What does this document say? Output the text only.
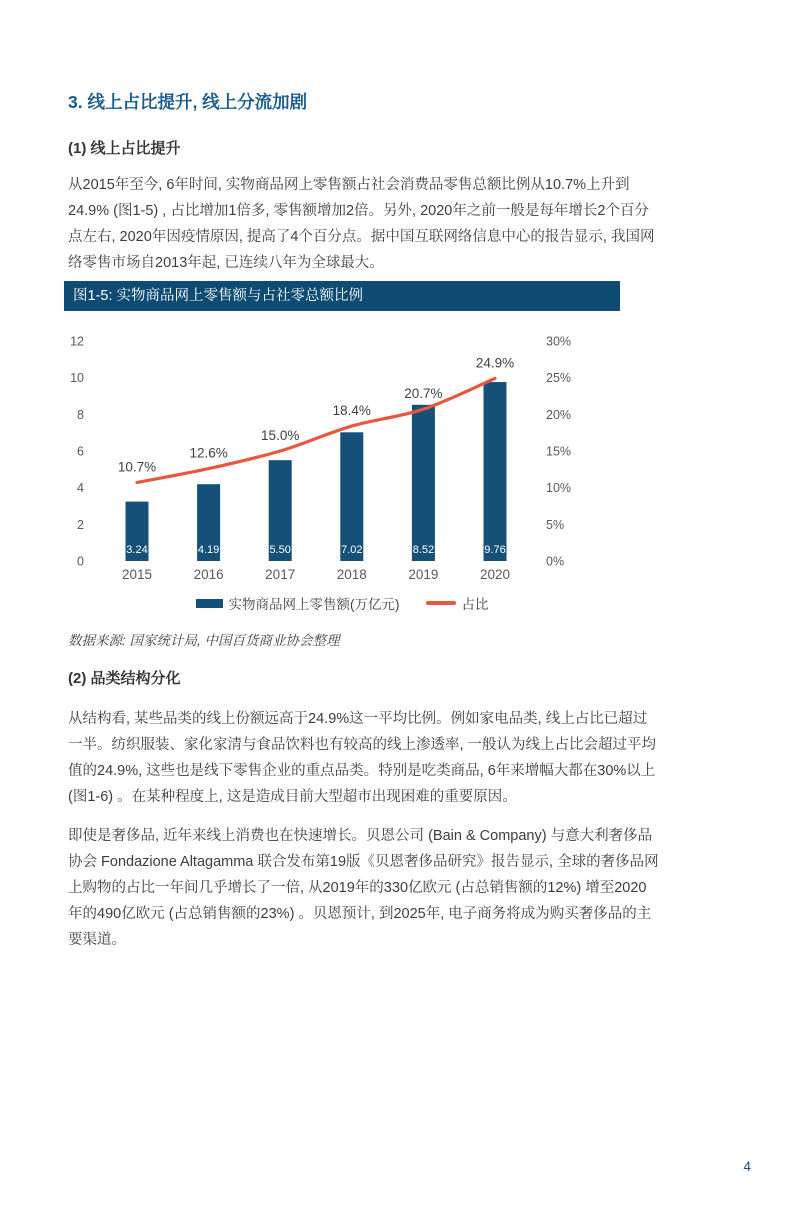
3. 线上占比提升, 线上分流加剧
(1) 线上占比提升

从2015年至今, 6年时间, 实物商品网上零售额占社会消费品零售总额比例从10.7%上升到24.9% (图1-5) , 占比增加1倍多, 零售额增加2倍。另外, 2020年之前一般是每年增长2个百分点左右, 2020年因疫情原因, 提高了4个百分点。据中国互联网络信息中心的报告显示, 我国网络零售市场自2013年起, 已连续八年为全球最大。

图1-5: 实物商品网上零售额与占社零总额比例
0
2
4
6
8
10
12
0%
5%
10%
15%
20%
25%
30%
3.24
2015
4.19
2016
5.50
2017
7.02
2018
8.52
2019
9.76
2020
10.7%
12.6%
15.0%
18.4%
20.7%
24.9%
实物商品网上零售额(万亿元)	占比

数据来源: 国家统计局, 中国百货商业协会整理

(2) 品类结构分化

从结构看, 某些品类的线上份额远高于24.9%这一平均比例。例如家电品类, 线上占比已超过一半。纺织服装、家化家清与食品饮料也有较高的线上渗透率, 一般认为线上占比会超过平均值的24.9%, 这些也是线下零售企业的重点品类。特别是吃类商品, 6年来增幅大都在30%以上 (图1-6) 。在某种程度上, 这是造成目前大型超市出现困难的重要原因。

即使是奢侈品, 近年来线上消费也在快速增长。贝恩公司 (Bain & Company) 与意大利奢侈品协会 Fondazione Altagamma 联合发布第19版《贝恩奢侈品研究》报告显示, 全球的奢侈品网上购物的占比一年间几乎增长了一倍, 从2019年的330亿欧元 (占总销售额的12%) 增至2020年的490亿欧元 (占总销售额的23%) 。贝恩预计, 到2025年, 电子商务将成为购买奢侈品的主要渠道。

4
